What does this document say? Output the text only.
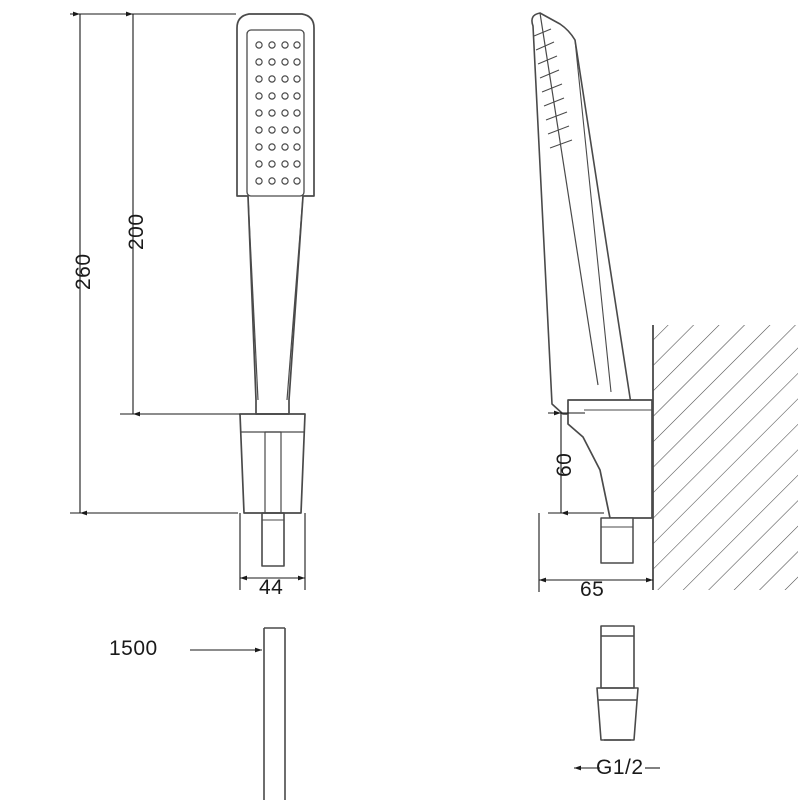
260
200
44
60
65
1500
G1/2
